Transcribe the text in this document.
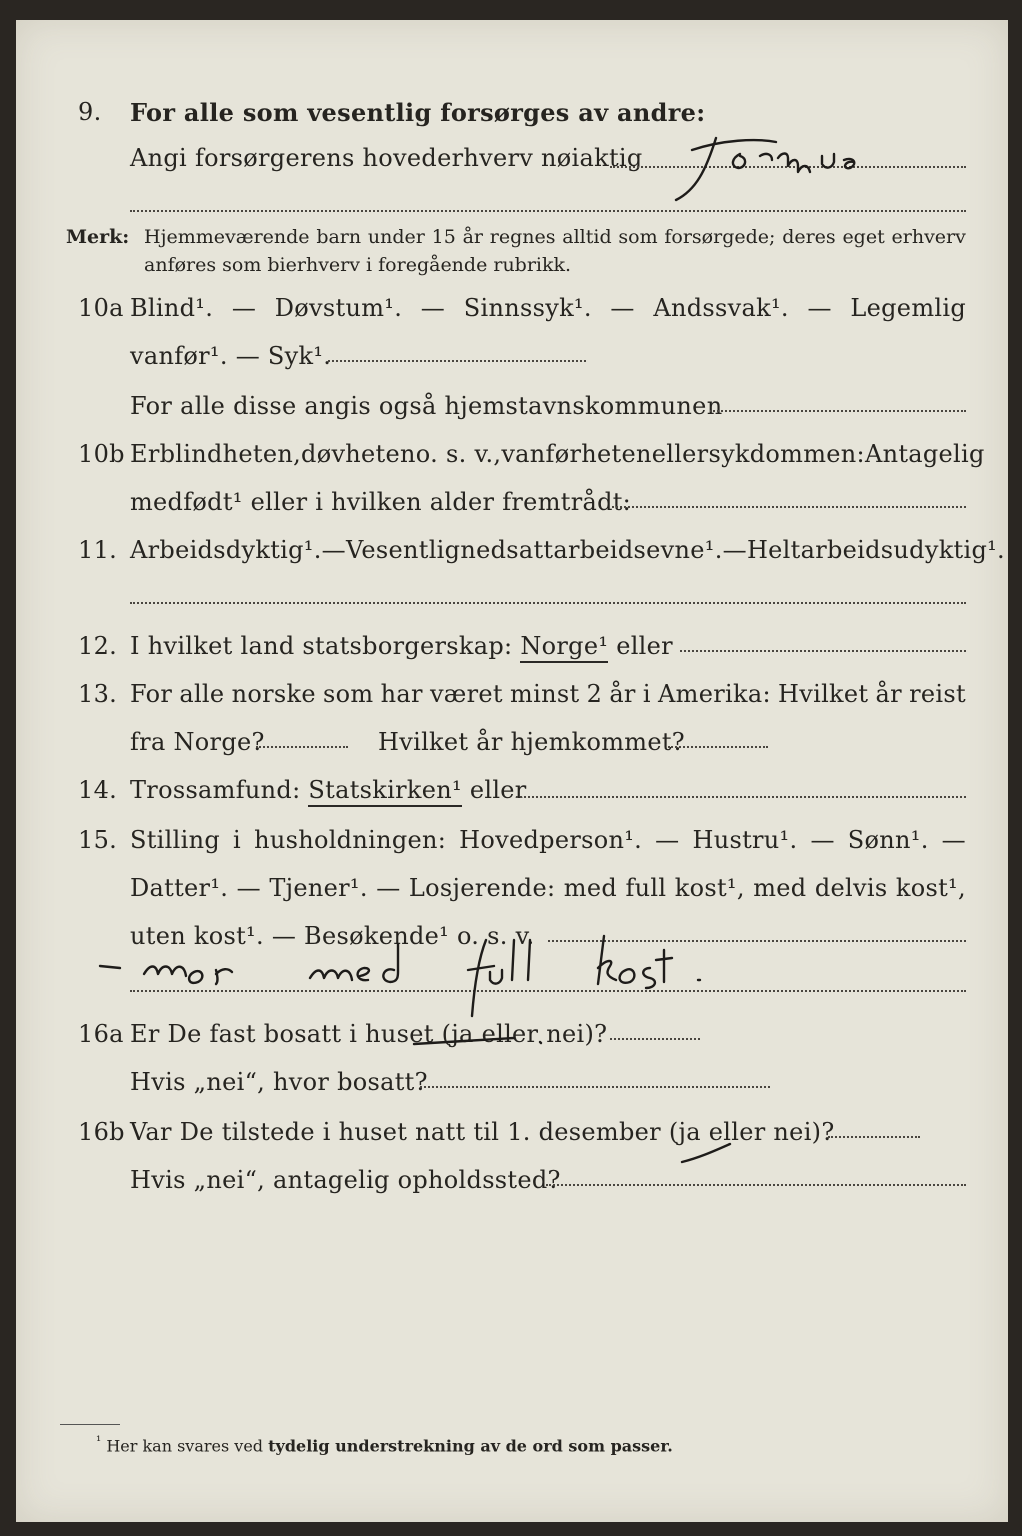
9. For alle som vesentlig forsørges av andre:
Angi forsørgerens hovederhverv nøiaktig
Merk: Hjemmeværende barn under 15 år regnes alltid som forsørgede; deres eget erhverv
anføres som bierhverv i foregående rubrikk.
10a Blind¹. — Døvstum¹. — Sinnssyk¹. — Andssvak¹. — Legemlig
vanfør¹. — Syk¹.
For alle disse angis også hjemstavnskommunen
10b Er blindheten, døvheten o. s. v., vanførheten eller sykdommen: Antagelig
medfødt¹ eller i hvilken alder fremtrådt:
11. Arbeidsdyktig¹. — Vesentlig nedsatt arbeidsevne¹. — Helt arbeidsudyktig¹.
12. I hvilket land statsborgerskap: Norge¹ eller
13. For alle norske som har været minst 2 år i Amerika: Hvilket år reist
fra Norge?	Hvilket år hjemkommet?
14. Trossamfund: Statskirken¹ eller
15. Stilling i husholdningen: Hovedperson¹. — Hustru¹. — Sønn¹. —
Datter¹. — Tjener¹. — Losjerende: med full kost¹, med delvis kost¹,
uten kost¹. — Besøkende¹ o. s. v.
16a Er De fast bosatt i huset (ja eller nei)?
Hvis „nei“, hvor bosatt?
16b Var De tilstede i huset natt til 1. desember (ja eller nei)?
Hvis „nei“, antagelig opholdssted?
$^{^1}$ Her kan svares ved tydelig understrekning av de ord som passer.
